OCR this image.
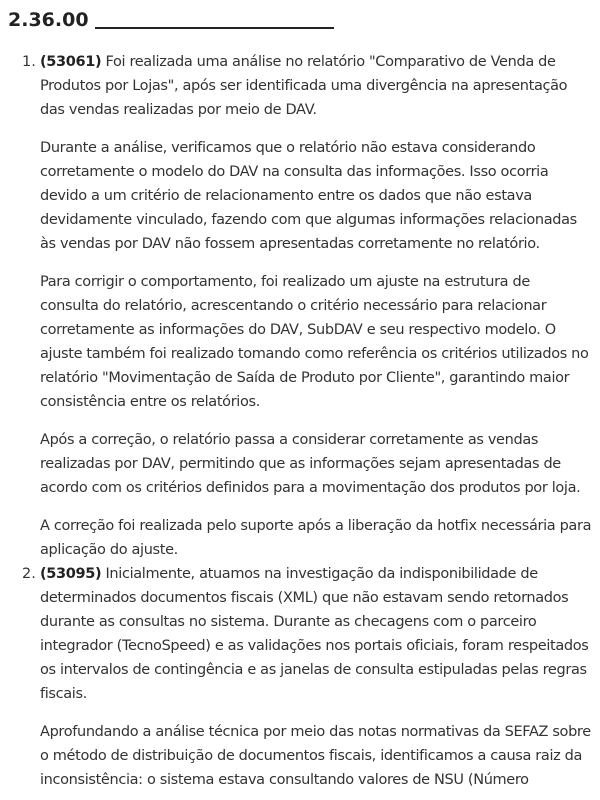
2.36.00
1. (53061) Foi realizada uma análise no relatório "Comparativo de Venda de Produtos por Lojas", após ser identificada uma divergência na apresentação das vendas realizadas por meio de DAV.

Durante a análise, verificamos que o relatório não estava considerando corretamente o modelo do DAV na consulta das informações. Isso ocorria devido a um critério de relacionamento entre os dados que não estava devidamente vinculado, fazendo com que algumas informações relacionadas às vendas por DAV não fossem apresentadas corretamente no relatório.

Para corrigir o comportamento, foi realizado um ajuste na estrutura de consulta do relatório, acrescentando o critério necessário para relacionar corretamente as informações do DAV, SubDAV e seu respectivo modelo. O ajuste também foi realizado tomando como referência os critérios utilizados no relatório "Movimentação de Saída de Produto por Cliente", garantindo maior consistência entre os relatórios.

Após a correção, o relatório passa a considerar corretamente as vendas realizadas por DAV, permitindo que as informações sejam apresentadas de acordo com os critérios definidos para a movimentação dos produtos por loja.

A correção foi realizada pelo suporte após a liberação da hotfix necessária para aplicação do ajuste.

2. (53095) Inicialmente, atuamos na investigação da indisponibilidade de determinados documentos fiscais (XML) que não estavam sendo retornados durante as consultas no sistema. Durante as checagens com o parceiro integrador (TecnoSpeed) e as validações nos portais oficiais, foram respeitados os intervalos de contingência e as janelas de consulta estipuladas pelas regras fiscais.

Aprofundando a análise técnica por meio das notas normativas da SEFAZ sobre o método de distribuição de documentos fiscais, identificamos a causa raiz da inconsistência: o sistema estava consultando valores de NSU (Número
